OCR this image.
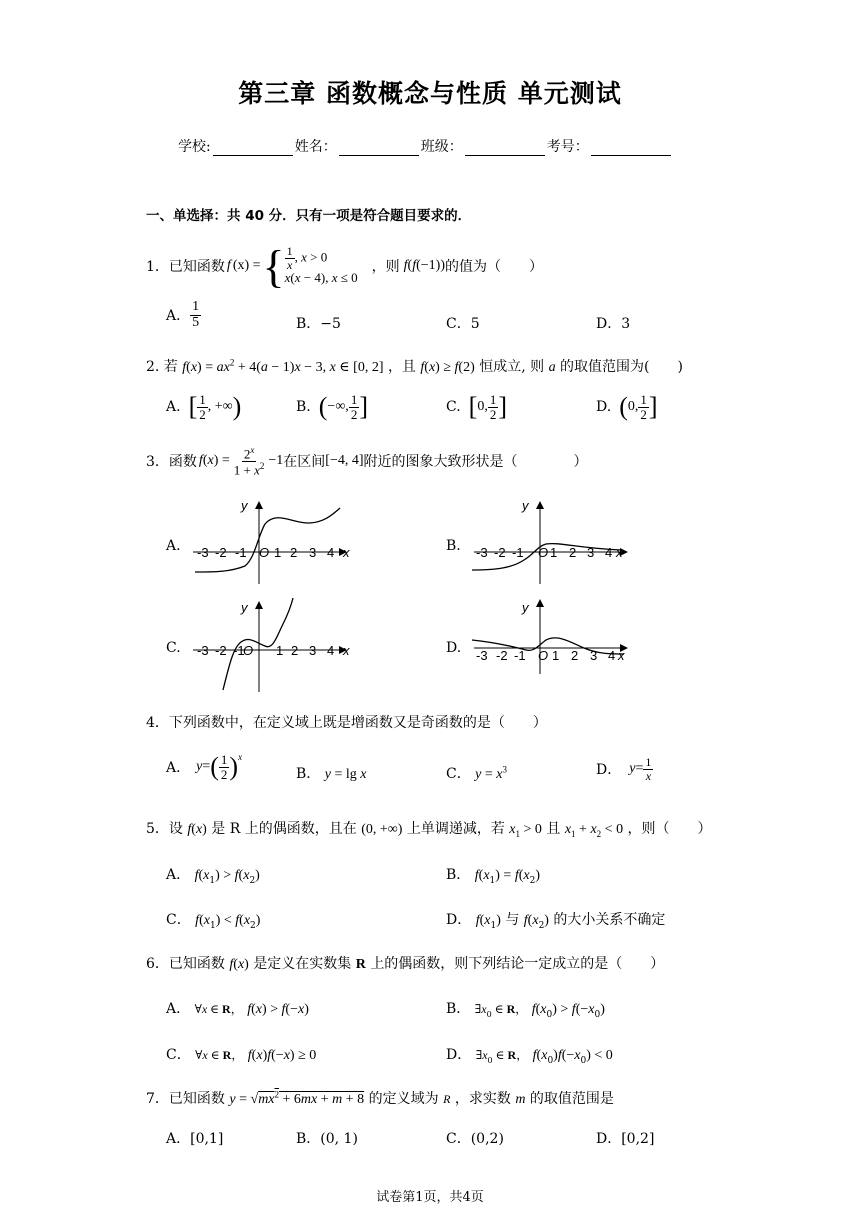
第三章 函数概念与性质 单元测试
学校:	姓名：	班级：	考号：
一、单选择：共 40 分．只有一项是符合题目要求的．
1．已知函数 f (x) = { $\frac{1}{x}$ , x > 0
x(x − 4), x ≤ 0
，则 f ( f (−1)) 的值为（　　）
A． $\frac{1}{5}$	B．−5	C．5	D．3
2. 若 $f(x) = ax^2 + 4(a - 1)x - 3$, x ∈ [0, 2] ，且 f(x) ≥ f(2) 恒成立, 则 a 的取值范围为(　　)
A. [ $\frac{1}{2}$ , +∞ )	B. ( −∞, $\frac{1}{2}$ ]	C. [ 0, $\frac{1}{2}$ ]	D. ( 0, $\frac{1}{2}$ ]
3．函数 f ( x ) = $\frac{2^x}{1 + x^2} -1$ 在区间 [−4, 4] 附近的图象大致形状是（　　　　）
A.	B.
C.	D.
y
x
-3 -2 -1 O 1 2 3 4
y
x
-3 -2 -1 O 1 2 3 4
y
x
-3 -2 -1
O 1 2 3 4
y
x
-3 -2 -1 O 1 2 3 4
4．下列函数中，在定义域上既是增函数又是奇函数的是（　　）
A． y = ( $\frac{1}{2} )^x$
B． y = lg x	C． $y = x^3$	D． $y = \frac{1}{x}$
5．设 f(x) 是 R 上的偶函数，且在 (0, +∞) 上单调递减，若 $x_1 > 0$ 且 $x_1 + x_2 < 0$ ，则（　　）
A． $f(x_1) > f(x_2)$	B． $f(x_1) = f(x_2)$
C． $f(x_1) < f(x_2)$	D． $f(x_1)$ 与 $f(x_2)$ 的大小关系不确定
6．已知函数 f(x) 是定义在实数集 R 上的偶函数，则下列结论一定成立的是（　　）
A． ∀x ∈ R， f(x) > f(−x)	B． $\exists x_0$ ∈ R， $f(x_0) > f(-x_0)$
C． ∀x ∈ R， f(x)f(−x) ≥ 0	D． $\exists x_0$ ∈ R， $f(x_0)f(-x_0) < 0$
7．已知函数 $y = √mx^2 + 6mx + m + 8$ 的定义域为 R ，求实数 m 的取值范围是
A．[0,1]	B．(0, 1)	C．(0,2)	D．[0,2]
试卷第1页，共4页
